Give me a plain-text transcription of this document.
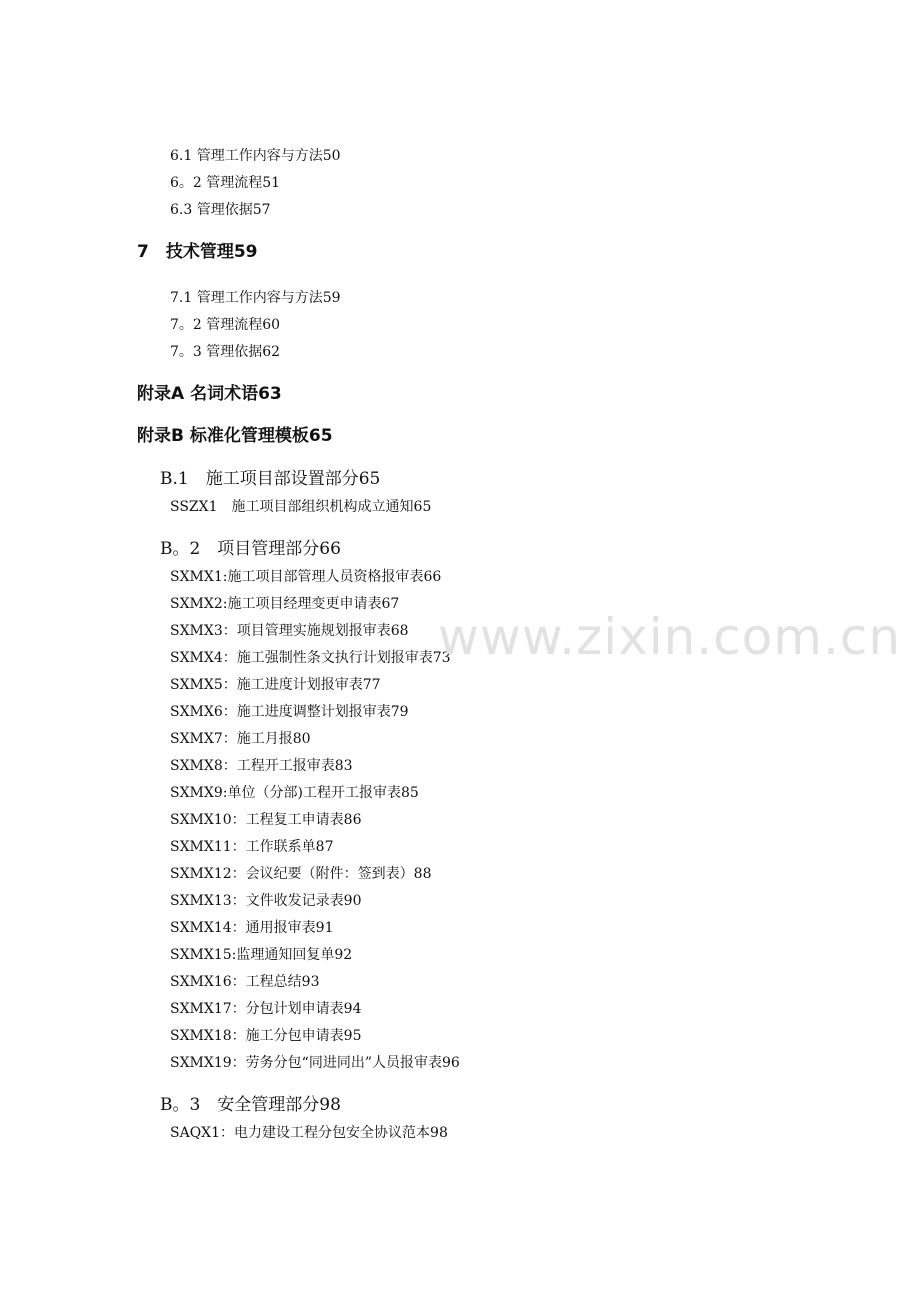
6.1 管理工作内容与方法50
6。2 管理流程51
6.3 管理依据57
7　技术管理59
7.1 管理工作内容与方法59
7。2 管理流程60
7。3 管理依据62
附录A 名词术语63
附录B 标准化管理模板65
B.1　施工项目部设置部分65
SSZX1　施工项目部组织机构成立通知65
B。2　项目管理部分66
SXMX1:施工项目部管理人员资格报审表66
SXMX2:施工项目经理变更申请表67
SXMX3：项目管理实施规划报审表68
SXMX4：施工强制性条文执行计划报审表73
SXMX5：施工进度计划报审表77
SXMX6：施工进度调整计划报审表79
SXMX7：施工月报80
SXMX8：工程开工报审表83
SXMX9:单位（分部)工程开工报审表85
SXMX10：工程复工申请表86
SXMX11：工作联系单87
SXMX12：会议纪要（附件：签到表）88
SXMX13：文件收发记录表90
SXMX14：通用报审表91
SXMX15:监理通知回复单92
SXMX16：工程总结93
SXMX17：分包计划申请表94
SXMX18：施工分包申请表95
SXMX19：劳务分包“同进同出”人员报审表96
B。3　安全管理部分98
SAQX1：电力建设工程分包安全协议范本98
www.zixin.com.cn
